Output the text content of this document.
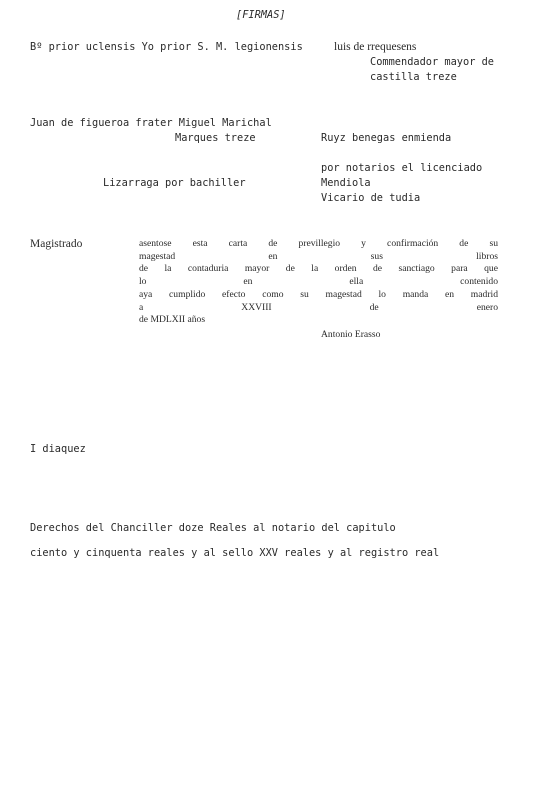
[FIRMAS]
Bº prior uclensis Yo prior S. M. legionensis	luis de rrequesens
Commendador mayor de
castilla treze
Juan de figueroa frater Miguel Marichal
Marques treze	Ruyz benegas enmienda
por notarios el licenciado
Lizarraga por bachiller	Mendiola
Vicario de tudia
Magistrado	asentose esta carta de previllegio y confirmación de su
magestad en sus libros
de la contaduria mayor de la orden de sanctiago para que
lo en ella contenido
aya cumplido efecto como su magestad lo manda en madrid
a XXVIII de enero
de MDLXII años
Antonio Erasso
I diaquez
Derechos del Chanciller doze Reales al notario del capitulo
ciento y cinquenta reales y al sello XXV reales y al registro real
